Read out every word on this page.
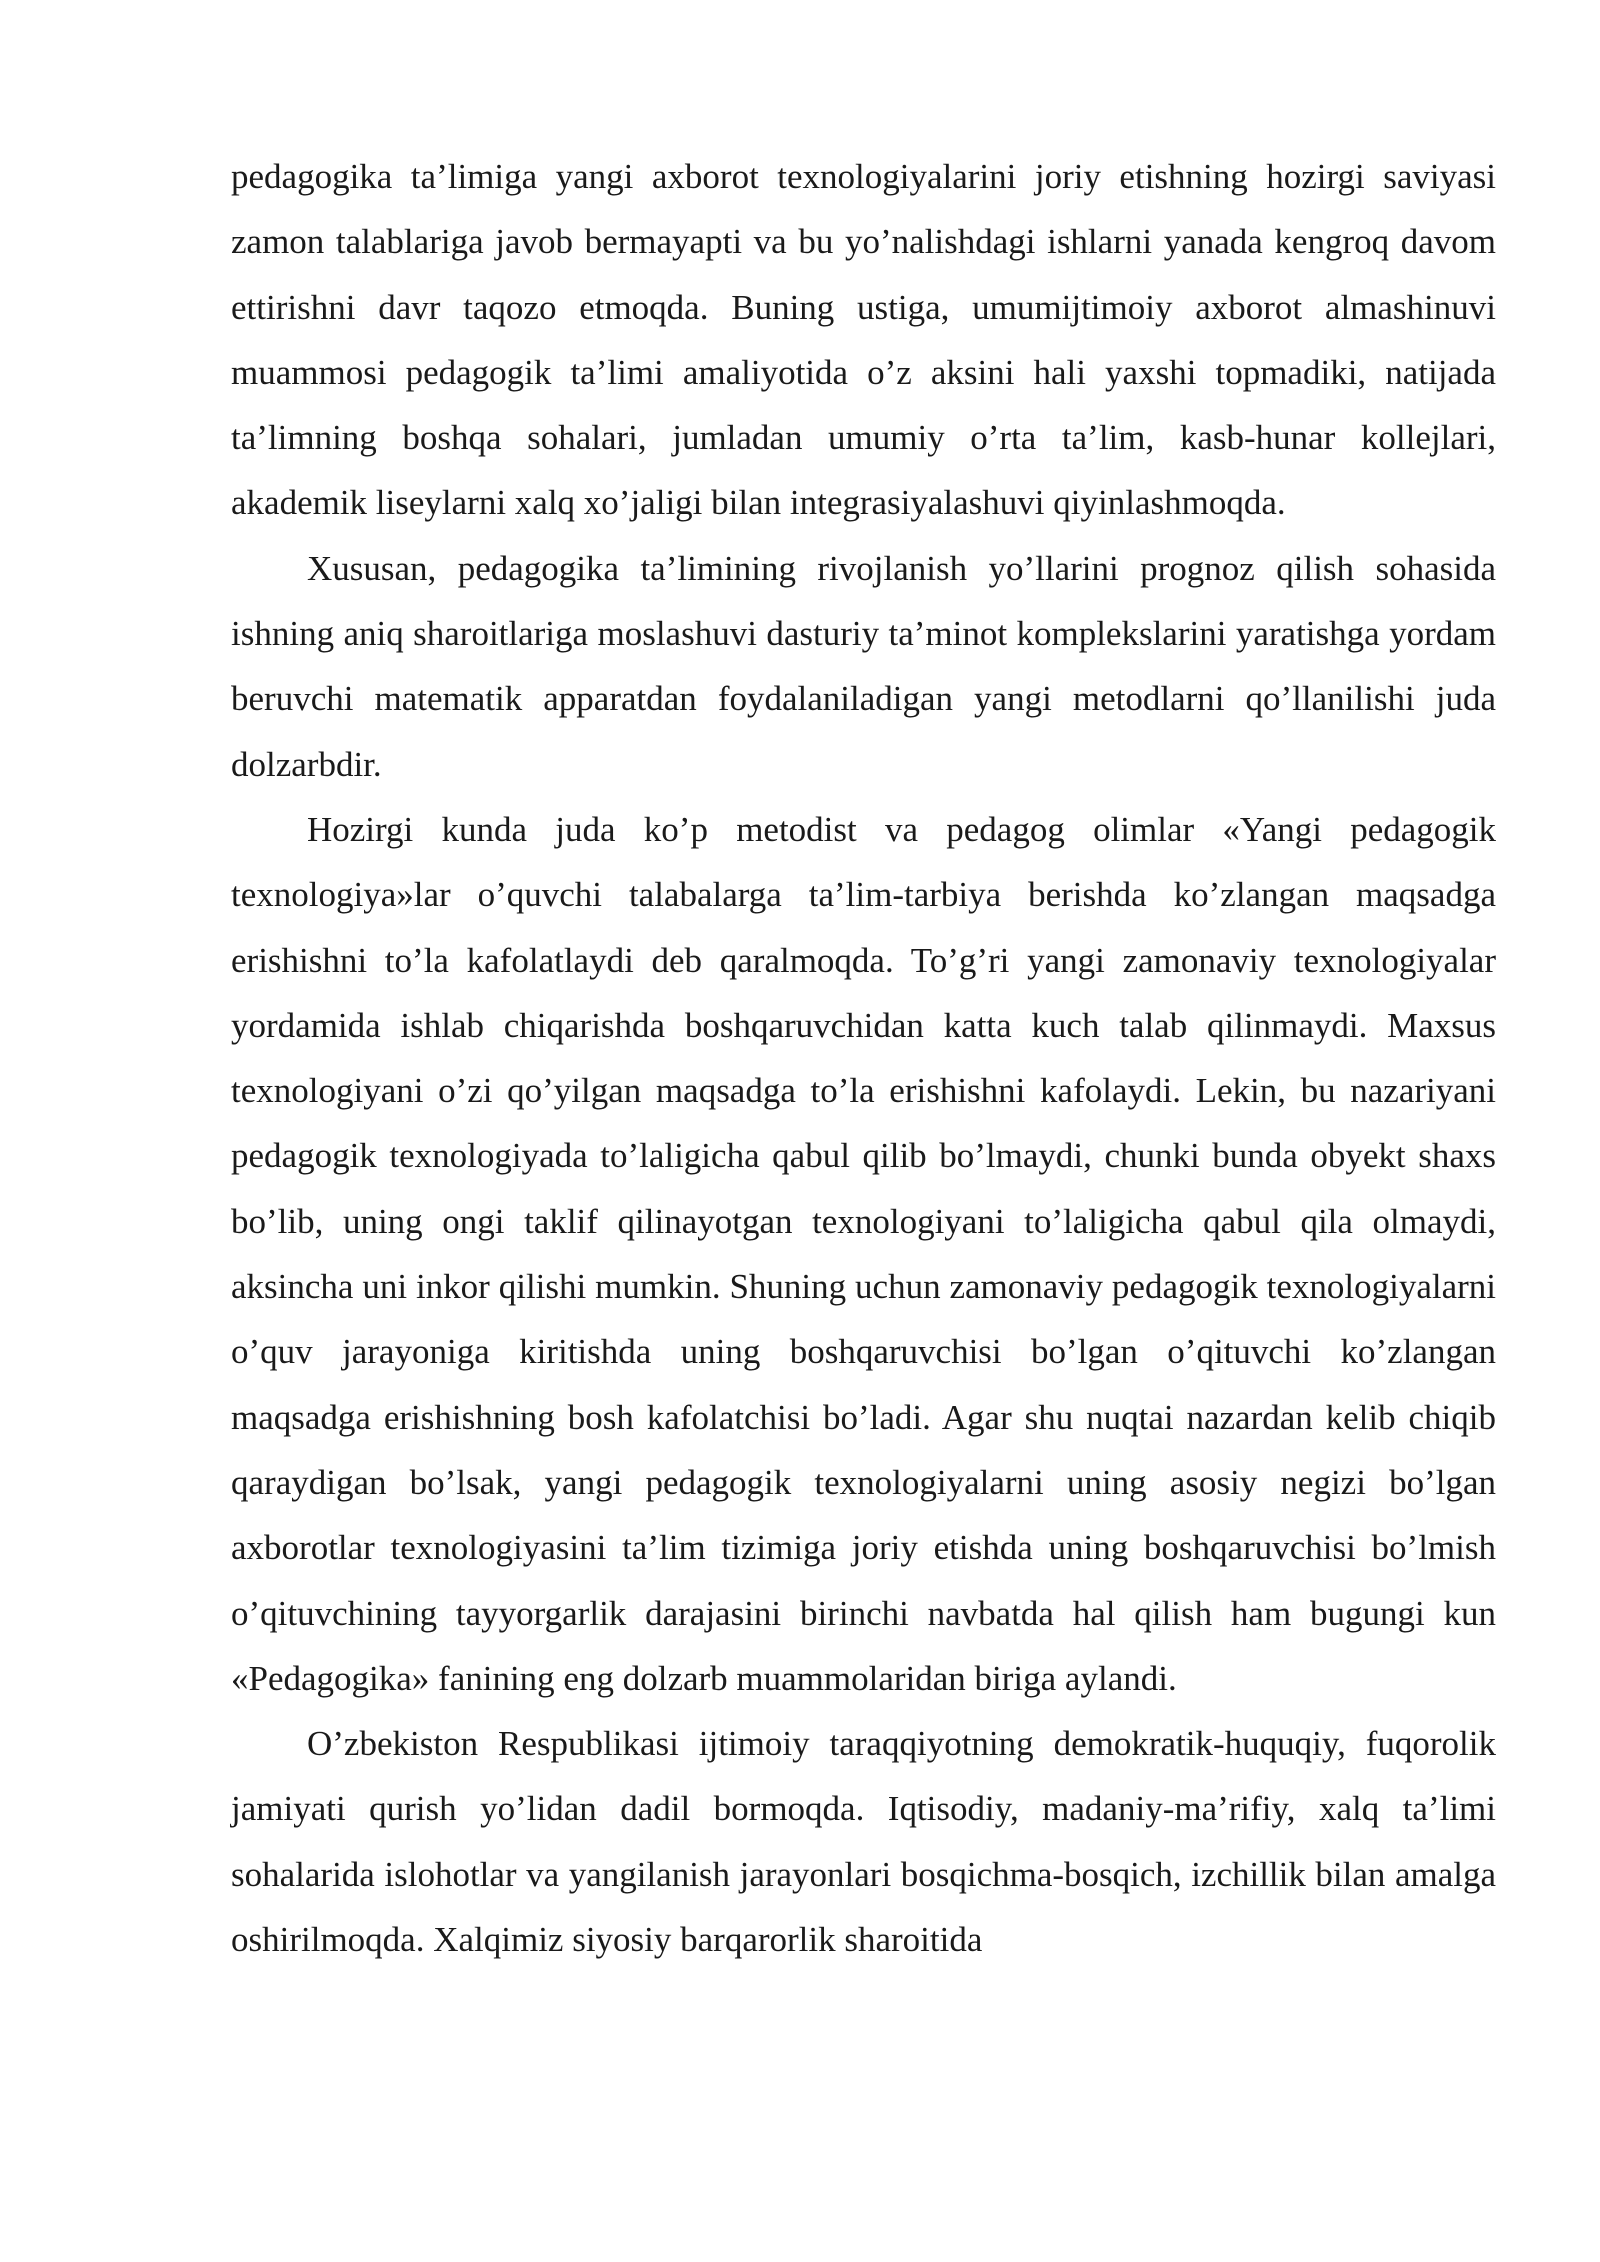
pedagogika ta’limiga yangi axborot texnologiyalarini joriy etishning hozirgi saviyasi zamon talablariga javob bermayapti va bu yo’nalishdagi ishlarni yanada kengroq davom ettirishni davr taqozo etmoqda. Buning ustiga, umumijtimoiy axborot almashinuvi muammosi pedagogik ta’limi amaliyotida o’z aksini hali yaxshi topmadiki, natijada ta’limning boshqa sohalari, jumladan umumiy o’rta ta’lim, kasb-hunar kollejlari, akademik liseylarni xalq xo’jaligi bilan integrasiyalashuvi qiyinlashmoqda.

Xususan, pedagogika ta’limining rivojlanish yo’llarini prognoz qilish sohasida ishning aniq sharoitlariga moslashuvi dasturiy ta’minot komplekslarini yaratishga yordam beruvchi matematik apparatdan foydalaniladigan yangi metodlarni qo’llanilishi juda dolzarbdir.

Hozirgi kunda juda ko’p metodist va pedagog olimlar «Yangi pedagogik texnologiya»lar o’quvchi talabalarga ta’lim-tarbiya berishda ko’zlangan maqsadga erishishni to’la kafolatlaydi deb qaralmoqda. To’g’ri yangi zamonaviy texnologiyalar yordamida ishlab chiqarishda boshqaruvchidan katta kuch talab qilinmaydi. Maxsus texnologiyani o’zi qo’yilgan maqsadga to’la erishishni kafolaydi. Lekin, bu nazariyani pedagogik texnologiyada to’laligicha qabul qilib bo’lmaydi, chunki bunda obyekt shaxs bo’lib, uning ongi taklif qilinayotgan texnologiyani to’laligicha qabul qila olmaydi, aksincha uni inkor qilishi mumkin. Shuning uchun zamonaviy pedagogik texnologiyalarni o’quv jarayoniga kiritishda uning boshqaruvchisi bo’lgan o’qituvchi ko’zlangan maqsadga erishishning bosh kafolatchisi bo’ladi. Agar shu nuqtai nazardan kelib chiqib qaraydigan bo’lsak, yangi pedagogik texnologiyalarni uning asosiy negizi bo’lgan axborotlar texnologiyasini ta’lim tizimiga joriy etishda uning boshqaruvchisi bo’lmish o’qituvchining tayyorgarlik darajasini birinchi navbatda hal qilish ham bugungi kun «Pedagogika» fanining eng dolzarb muammolaridan biriga aylandi.

O’zbekiston Respublikasi ijtimoiy taraqqiyotning demokratik-huquqiy, fuqorolik jamiyati qurish yo’lidan dadil bormoqda. Iqtisodiy, madaniy-ma’rifiy, xalq ta’limi sohalarida islohotlar va yangilanish jarayonlari bosqichma-bosqich, izchillik bilan amalga oshirilmoqda. Xalqimiz siyosiy barqarorlik sharoitida
